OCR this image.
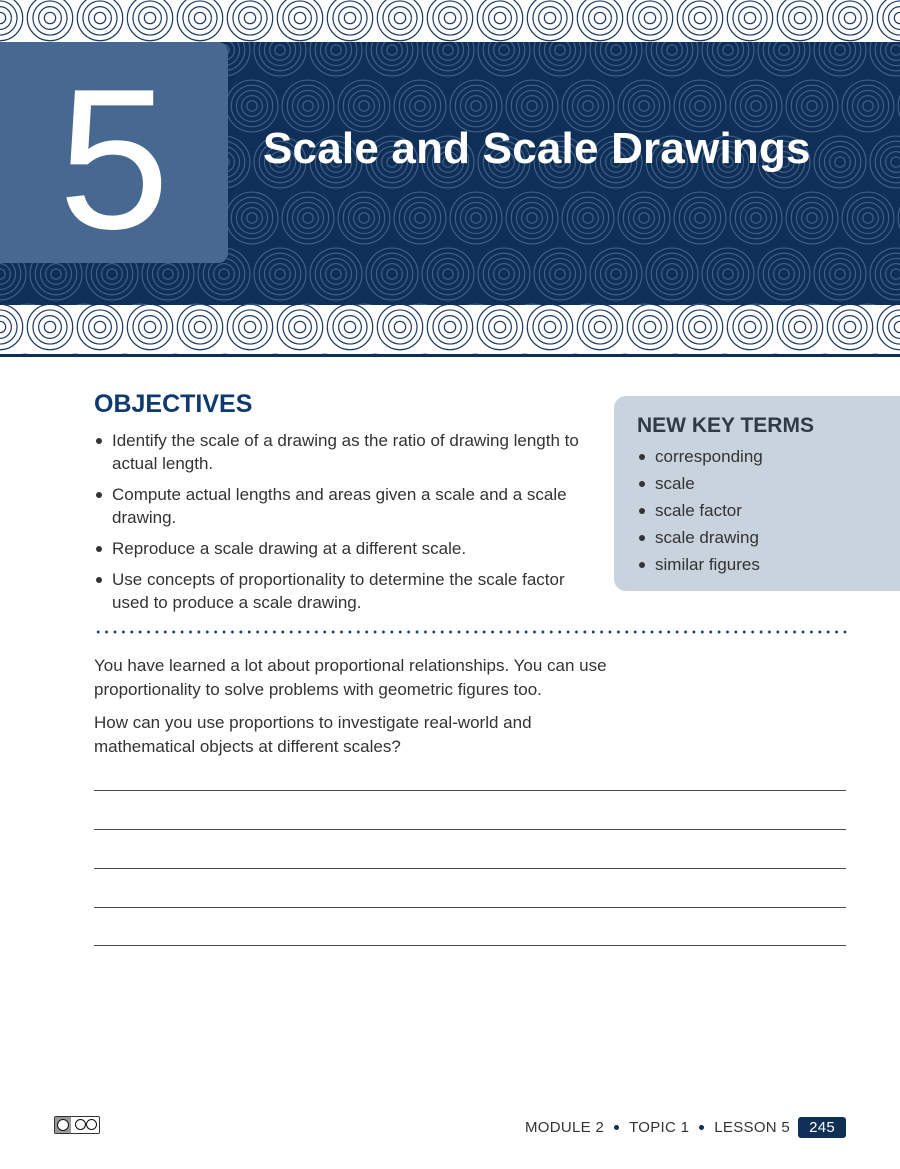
5	Scale and Scale Drawings
OBJECTIVES
Identify the scale of a drawing as the ratio of drawing length to actual length.
Compute actual lengths and areas given a scale and a scale drawing.
Reproduce a scale drawing at a different scale.
Use concepts of proportionality to determine the scale factor used to produce a scale drawing.
NEW KEY TERMS
corresponding
scale
scale factor
scale drawing
similar figures

You have learned a lot about proportional relationships. You can use proportionality to solve problems with geometric figures too.

How can you use proportions to investigate real-world and mathematical objects at different scales?

MODULE 2 TOPIC 1 LESSON 5	245
